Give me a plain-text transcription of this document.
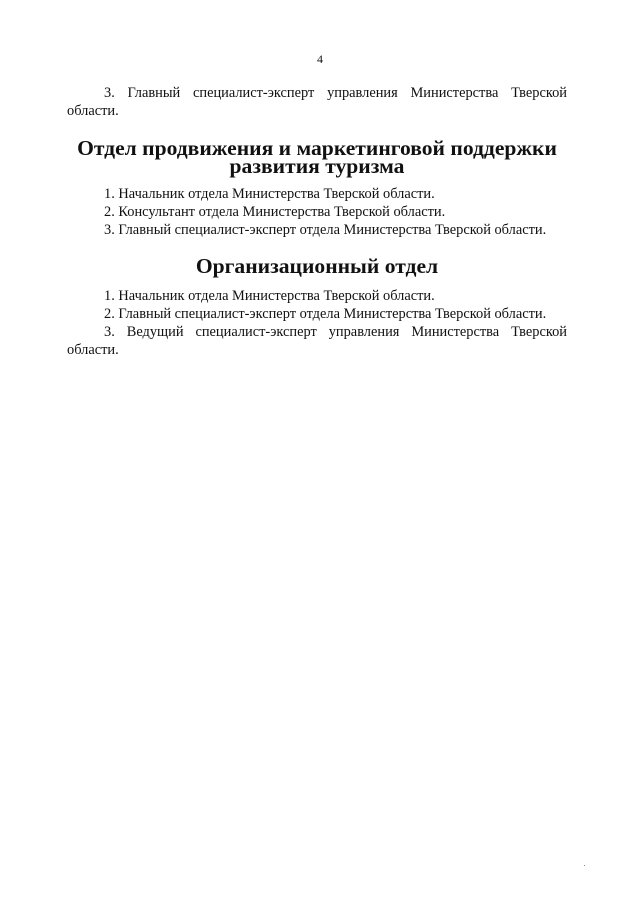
4

3. Главный специалист-эксперт управления Министерства Тверской области.

Отдел продвижения и маркетинговой поддержки
развития туризма

1. Начальник отдела Министерства Тверской области.

2. Консультант отдела Министерства Тверской области.

3. Главный специалист-эксперт отдела Министерства Тверской области.

Организационный отдел

1. Начальник отдела Министерства Тверской области.

2. Главный специалист-эксперт отдела Министерства Тверской области.

3. Ведущий специалист-эксперт управления Министерства Тверской области.
